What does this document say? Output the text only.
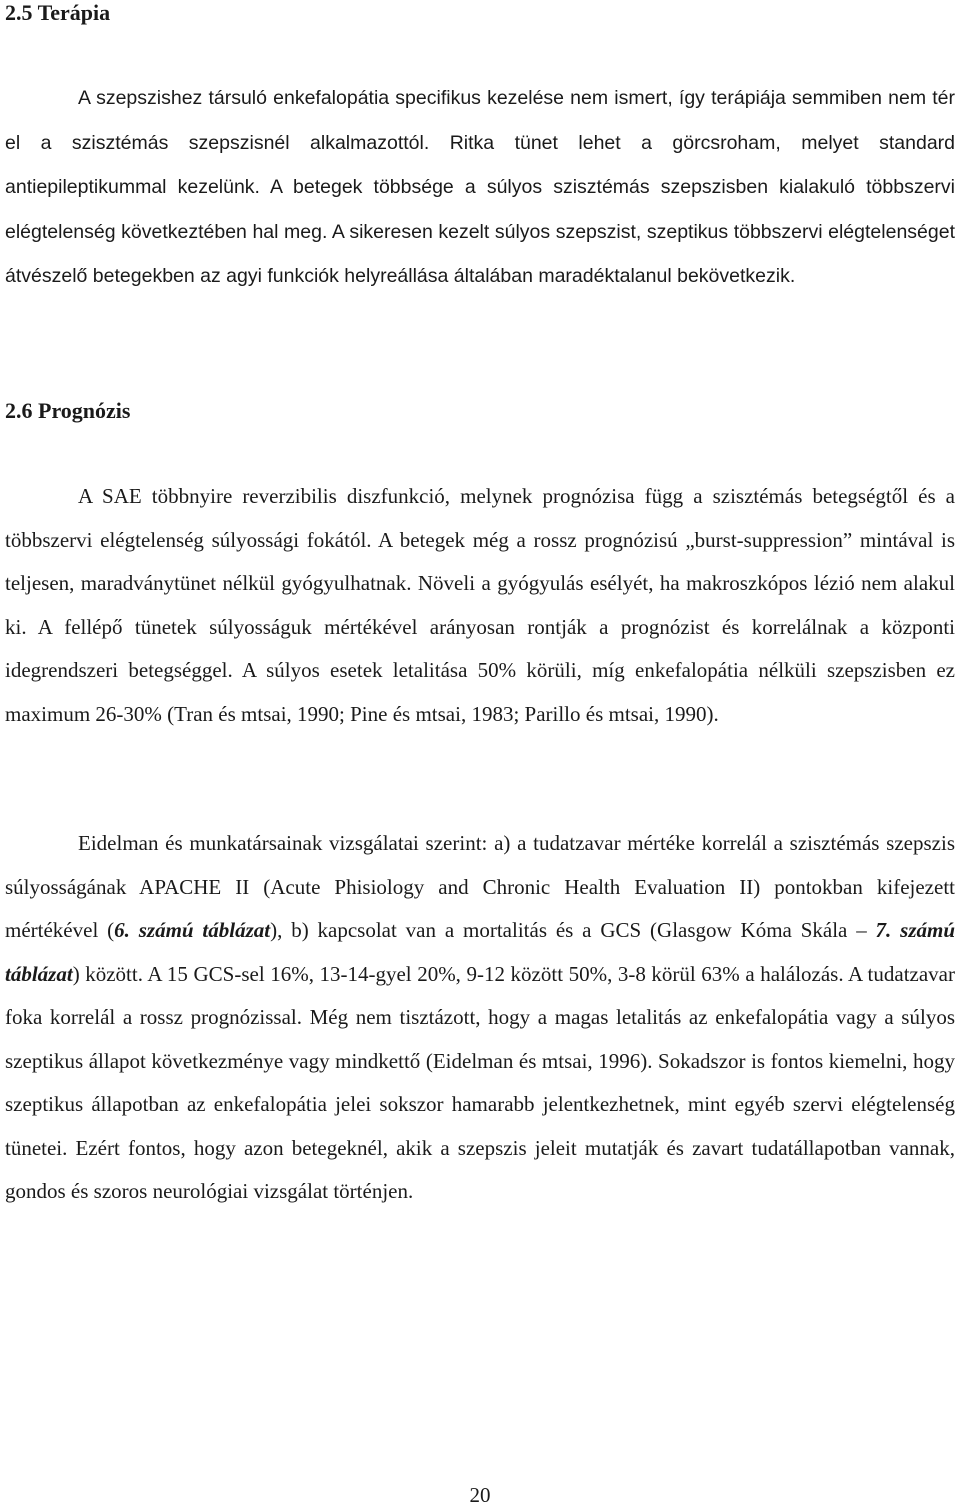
2.5 Terápia

A szepszishez társuló enkefalopátia specifikus kezelése nem ismert, így terápiája semmiben nem tér el a szisztémás szepszisnél alkalmazottól. Ritka tünet lehet a görcsroham, melyet standard antiepileptikummal kezelünk. A betegek többsége a súlyos szisztémás szepszisben kialakuló többszervi elégtelenség következtében hal meg. A sikeresen kezelt súlyos szepszist, szeptikus többszervi elégtelenséget átvészelő betegekben az agyi funkciók helyreállása általában maradéktalanul bekövetkezik.

2.6 Prognózis

A SAE többnyire reverzibilis diszfunkció, melynek prognózisa függ a szisztémás betegségtől és a többszervi elégtelenség súlyossági fokától. A betegek még a rossz prognózisú „burst-suppression” mintával is teljesen, maradványtünet nélkül gyógyulhatnak. Növeli a gyógyulás esélyét, ha makroszkópos lézió nem alakul ki. A fellépő tünetek súlyosságuk mértékével arányosan rontják a prognózist és korrelálnak a központi idegrendszeri betegséggel. A súlyos esetek letalitása 50% körüli, míg enkefalopátia nélküli szepszisben ez maximum 26-30% (Tran és mtsai, 1990; Pine és mtsai, 1983; Parillo és mtsai, 1990).

Eidelman és munkatársainak vizsgálatai szerint: a) a tudatzavar mértéke korrelál a szisztémás szepszis súlyosságának APACHE II (Acute Phisiology and Chronic Health Evaluation II) pontokban kifejezett mértékével (6. számú táblázat), b) kapcsolat van a mortalitás és a GCS (Glasgow Kóma Skála – 7. számú táblázat) között. A 15 GCS-sel 16%, 13-14-gyel 20%, 9-12 között 50%, 3-8 körül 63% a halálozás. A tudatzavar foka korrelál a rossz prognózissal. Még nem tisztázott, hogy a magas letalitás az enkefalopátia vagy a súlyos szeptikus állapot következménye vagy mindkettő (Eidelman és mtsai, 1996). Sokadszor is fontos kiemelni, hogy szeptikus állapotban az enkefalopátia jelei sokszor hamarabb jelentkezhetnek, mint egyéb szervi elégtelenség tünetei. Ezért fontos, hogy azon betegeknél, akik a szepszis jeleit mutatják és zavart tudatállapotban vannak, gondos és szoros neurológiai vizsgálat történjen.

20
